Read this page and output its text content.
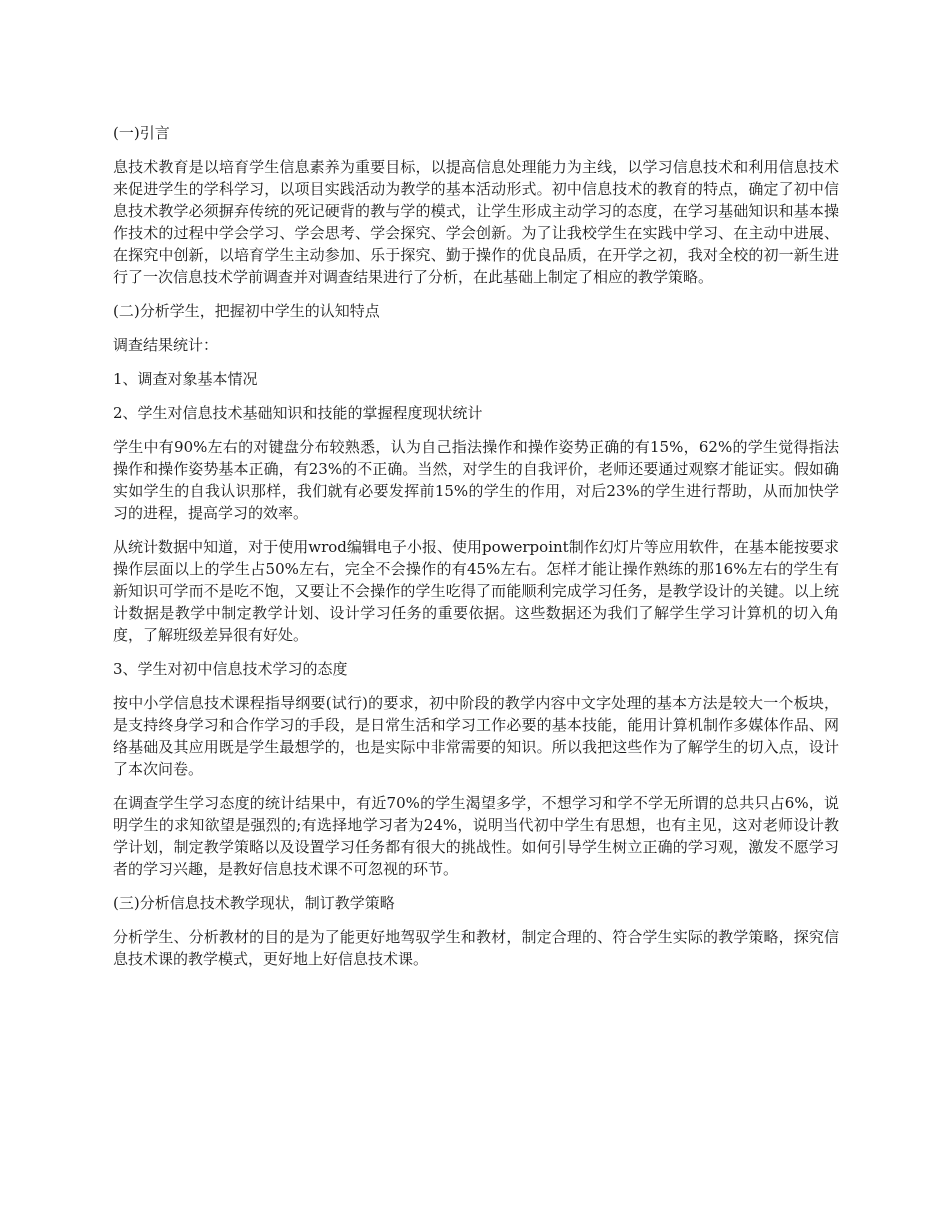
(一)引言
息技术教育是以培育学生信息素养为重要目标，以提高信息处理能力为主线，以学习信息技术和利用信息技术来促进学生的学科学习，以项目实践活动为教学的基本活动形式。初中信息技术的教育的特点，确定了初中信息技术教学必须摒弃传统的死记硬背的教与学的模式，让学生形成主动学习的态度，在学习基础知识和基本操作技术的过程中学会学习、学会思考、学会探究、学会创新。为了让我校学生在实践中学习、在主动中进展、在探究中创新，以培育学生主动参加、乐于探究、勤于操作的优良品质，在开学之初，我对全校的初一新生进行了一次信息技术学前调查并对调查结果进行了分析，在此基础上制定了相应的教学策略。
(二)分析学生，把握初中学生的认知特点
调查结果统计：
1、调查对象基本情况
2、学生对信息技术基础知识和技能的掌握程度现状统计
学生中有90%左右的对键盘分布较熟悉，认为自己指法操作和操作姿势正确的有15%，62%的学生觉得指法操作和操作姿势基本正确，有23%的不正确。当然，对学生的自我评价，老师还要通过观察才能证实。假如确实如学生的自我认识那样，我们就有必要发挥前15%的学生的作用，对后23%的学生进行帮助，从而加快学习的进程，提高学习的效率。
从统计数据中知道，对于使用wrod编辑电子小报、使用powerpoint制作幻灯片等应用软件，在基本能按要求操作层面以上的学生占50%左右，完全不会操作的有45%左右。怎样才能让操作熟练的那16%左右的学生有新知识可学而不是吃不饱，又要让不会操作的学生吃得了而能顺利完成学习任务，是教学设计的关键。以上统计数据是教学中制定教学计划、设计学习任务的重要依据。这些数据还为我们了解学生学习计算机的切入角度，了解班级差异很有好处。
3、学生对初中信息技术学习的态度
按中小学信息技术课程指导纲要(试行)的要求，初中阶段的教学内容中文字处理的基本方法是较大一个板块，是支持终身学习和合作学习的手段，是日常生活和学习工作必要的基本技能，能用计算机制作多媒体作品、网络基础及其应用既是学生最想学的，也是实际中非常需要的知识。所以我把这些作为了解学生的切入点，设计了本次问卷。
在调查学生学习态度的统计结果中，有近70%的学生渴望多学，不想学习和学不学无所谓的总共只占6%，说明学生的求知欲望是强烈的;有选择地学习者为24%，说明当代初中学生有思想，也有主见，这对老师设计教学计划，制定教学策略以及设置学习任务都有很大的挑战性。如何引导学生树立正确的学习观，激发不愿学习者的学习兴趣，是教好信息技术课不可忽视的环节。
(三)分析信息技术教学现状，制订教学策略
分析学生、分析教材的目的是为了能更好地驾驭学生和教材，制定合理的、符合学生实际的教学策略，探究信息技术课的教学模式，更好地上好信息技术课。
